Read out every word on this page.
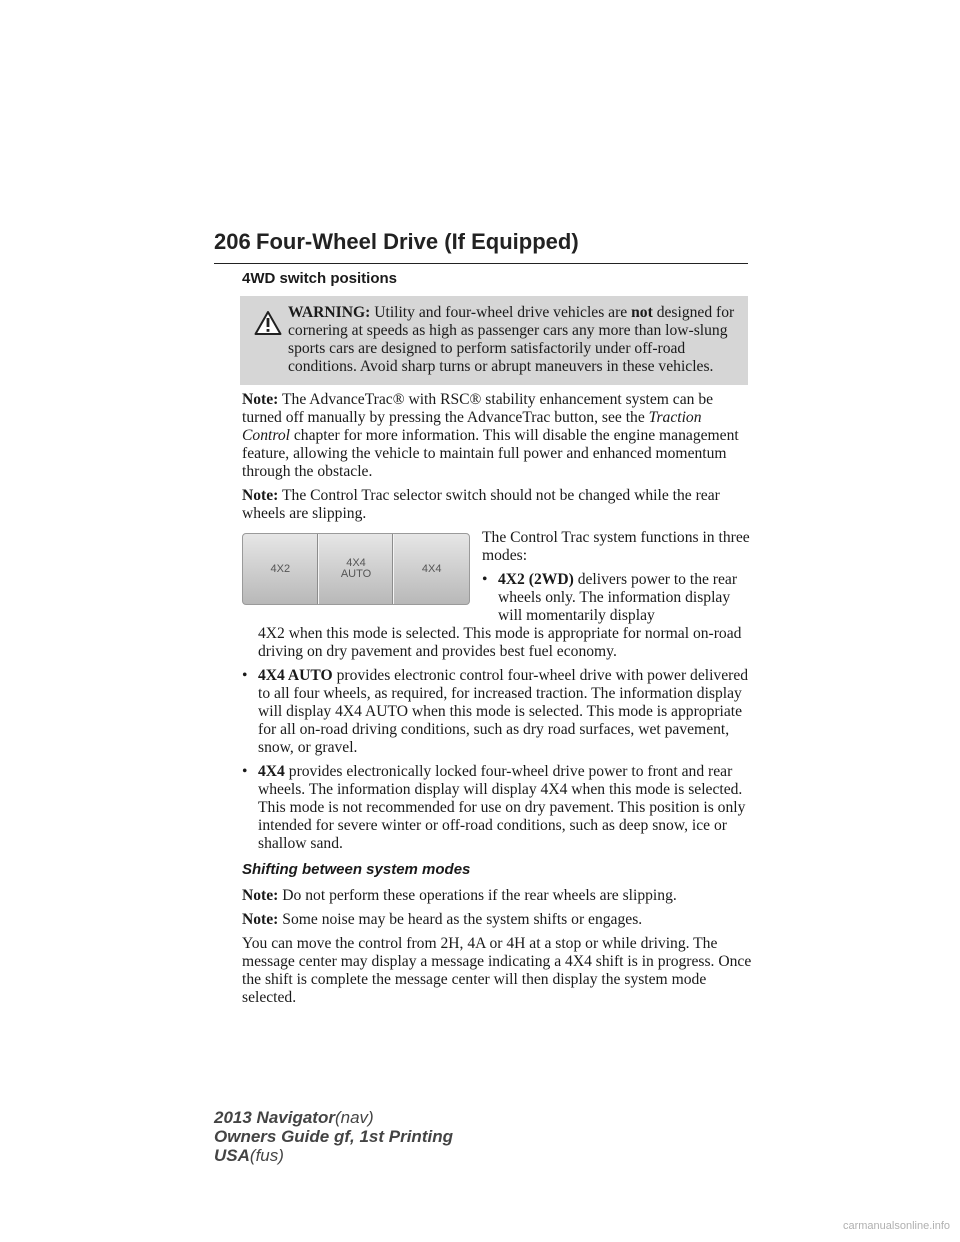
206 Four-Wheel Drive (If Equipped)
4WD switch positions
WARNING: Utility and four-wheel drive vehicles are not designed for cornering at speeds as high as passenger cars any more than low-slung sports cars are designed to perform satisfactorily under off-road conditions. Avoid sharp turns or abrupt maneuvers in these vehicles.

Note: The AdvanceTrac® with RSC® stability enhancement system can be turned off manually by pressing the AdvanceTrac button, see the Traction Control chapter for more information. This will disable the engine management feature, allowing the vehicle to maintain full power and enhanced momentum through the obstacle.

Note: The Control Trac selector switch should not be changed while the rear wheels are slipping.

4X2	4X4
AUTO	4X4

The Control Trac system functions in three modes:

• 4X2 (2WD) delivers power to the rear wheels only. The information display will momentarily display
4X2 when this mode is selected. This mode is appropriate for normal on-road driving on dry pavement and provides best fuel economy.
• 4X4 AUTO provides electronic control four-wheel drive with power delivered to all four wheels, as required, for increased traction. The information display will display 4X4 AUTO when this mode is selected. This mode is appropriate for all on-road driving conditions, such as dry road surfaces, wet pavement, snow, or gravel.
• 4X4 provides electronically locked four-wheel drive power to front and rear wheels. The information display will display 4X4 when this mode is selected. This mode is not recommended for use on dry pavement. This position is only intended for severe winter or off-road conditions, such as deep snow, ice or shallow sand.
Shifting between system modes

Note: Do not perform these operations if the rear wheels are slipping.

Note: Some noise may be heard as the system shifts or engages.

You can move the control from 2H, 4A or 4H at a stop or while driving. The message center may display a message indicating a 4X4 shift is in progress. Once the shift is complete the message center will then display the system mode selected.

2013 Navigator(nav)
Owners Guide gf, 1st Printing
USA(fus)
carmanualsonline.info
